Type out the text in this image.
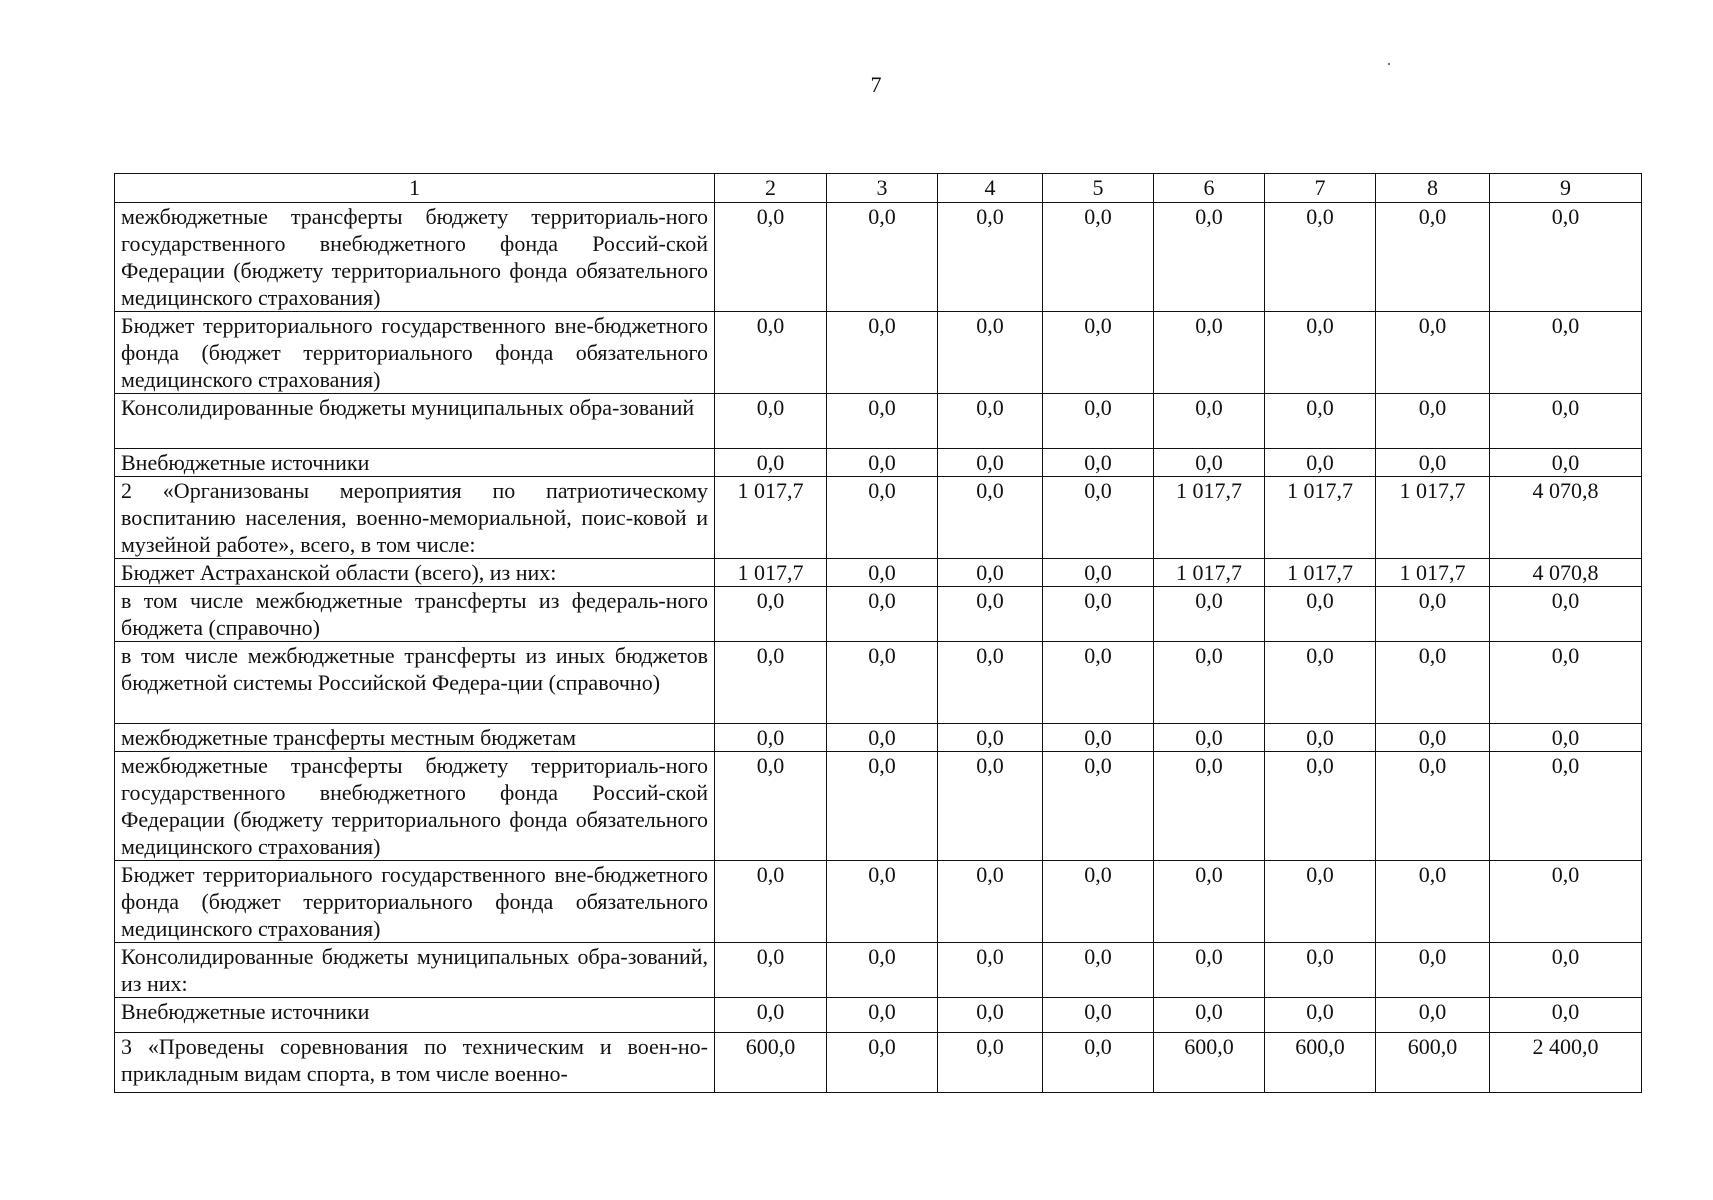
7
1	2	3	4	5	6	7	8	9
межбюджетные трансферты бюджету территориаль-ного государственного внебюджетного фонда Россий-ской Федерации (бюджету территориального фонда обязательного медицинского страхования)	0,0	0,0	0,0	0,0	0,0	0,0	0,0	0,0
Бюджет территориального государственного вне-бюджетного фонда (бюджет территориального фонда обязательного медицинского страхования)	0,0	0,0	0,0	0,0	0,0	0,0	0,0	0,0
Консолидированные бюджеты муниципальных обра-зований	0,0	0,0	0,0	0,0	0,0	0,0	0,0	0,0
Внебюджетные источники	0,0	0,0	0,0	0,0	0,0	0,0	0,0	0,0
2 «Организованы мероприятия по патриотическому воспитанию населения, военно-мемориальной, поис-ковой и музейной работе», всего, в том числе:	1 017,7	0,0	0,0	0,0	1 017,7	1 017,7	1 017,7	4 070,8
Бюджет Астраханской области (всего), из них:	1 017,7	0,0	0,0	0,0	1 017,7	1 017,7	1 017,7	4 070,8
в том числе межбюджетные трансферты из федераль-ного бюджета (справочно)	0,0	0,0	0,0	0,0	0,0	0,0	0,0	0,0
в том числе межбюджетные трансферты из иных бюджетов бюджетной системы Российской Федера-ции (справочно)	0,0	0,0	0,0	0,0	0,0	0,0	0,0	0,0
межбюджетные трансферты местным бюджетам	0,0	0,0	0,0	0,0	0,0	0,0	0,0	0,0
межбюджетные трансферты бюджету территориаль-ного государственного внебюджетного фонда Россий-ской Федерации (бюджету территориального фонда обязательного медицинского страхования)	0,0	0,0	0,0	0,0	0,0	0,0	0,0	0,0
Бюджет территориального государственного вне-бюджетного фонда (бюджет территориального фонда обязательного медицинского страхования)	0,0	0,0	0,0	0,0	0,0	0,0	0,0	0,0
Консолидированные бюджеты муниципальных обра-зований, из них:	0,0	0,0	0,0	0,0	0,0	0,0	0,0	0,0
Внебюджетные источники	0,0	0,0	0,0	0,0	0,0	0,0	0,0	0,0
3 «Проведены соревнования по техническим и воен-но-прикладным видам спорта, в том числе военно-	600,0	0,0	0,0	0,0	600,0	600,0	600,0	2 400,0
